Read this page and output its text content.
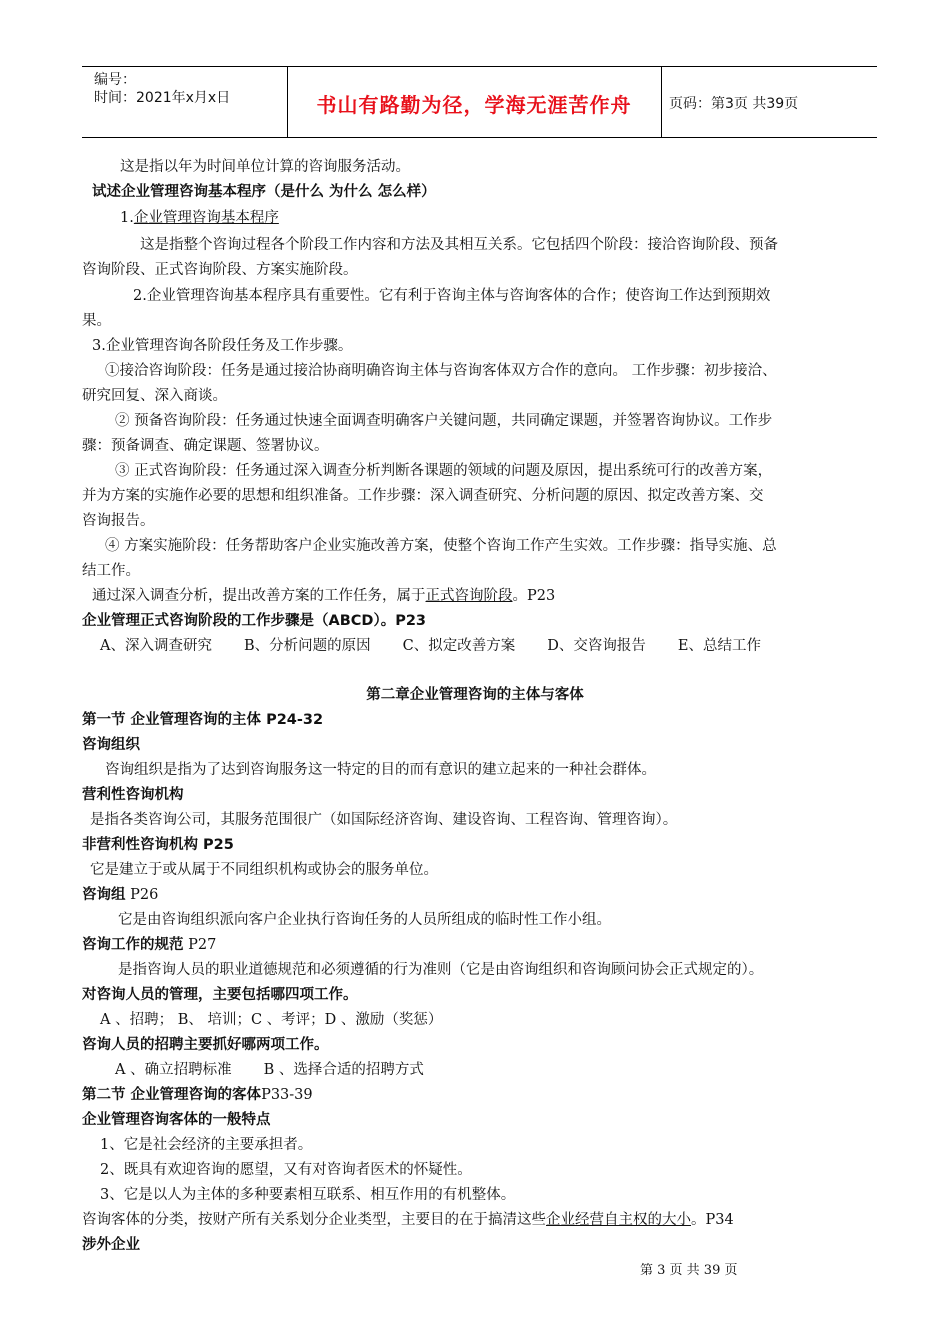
编号：
时间：2021年x月x日	书山有路勤为径，学海无涯苦作舟	页码：第3页 共39页
这是指以年为时间单位计算的咨询服务活动。
试述企业管理咨询基本程序（是什么 为什么 怎么样）
1.企业管理咨询基本程序
这是指整个咨询过程各个阶段工作内容和方法及其相互关系。它包括四个阶段：接洽咨询阶段、预备
咨询阶段、正式咨询阶段、方案实施阶段。
2.企业管理咨询基本程序具有重要性。它有利于咨询主体与咨询客体的合作；使咨询工作达到预期效
果。
3.企业管理咨询各阶段任务及工作步骤。
①接洽咨询阶段：任务是通过接洽协商明确咨询主体与咨询客体双方合作的意向。 工作步骤：初步接洽、
研究回复、深入商谈。
② 预备咨询阶段：任务通过快速全面调查明确客户关键问题，共同确定课题，并签署咨询协议。工作步
骤：预备调查、确定课题、签署协议。
③ 正式咨询阶段：任务通过深入调查分析判断各课题的领域的问题及原因，提出系统可行的改善方案，
并为方案的实施作必要的思想和组织准备。工作步骤：深入调查研究、分析问题的原因、拟定改善方案、交
咨询报告。
④ 方案实施阶段：任务帮助客户企业实施改善方案，使整个咨询工作产生实效。工作步骤：指导实施、总
结工作。
通过深入调查分析，提出改善方案的工作任务，属于正式咨询阶段。P23
企业管理正式咨询阶段的工作步骤是（ABCD）。P23
A、深入调查研究 B、分析问题的原因 C、拟定改善方案 D、交咨询报告 E、总结工作
第二章企业管理咨询的主体与客体
第一节 企业管理咨询的主体 P24-32
咨询组织
咨询组织是指为了达到咨询服务这一特定的目的而有意识的建立起来的一种社会群体。
营利性咨询机构
是指各类咨询公司，其服务范围很广（如国际经济咨询、建设咨询、工程咨询、管理咨询）。
非营利性咨询机构 P25
它是建立于或从属于不同组织机构或协会的服务单位。
咨询组 P26
它是由咨询组织派向客户企业执行咨询任务的人员所组成的临时性工作小组。
咨询工作的规范 P27
是指咨询人员的职业道德规范和必须遵循的行为准则（它是由咨询组织和咨询顾问协会正式规定的）。
对咨询人员的管理，主要包括哪四项工作。
A 、招聘； B、 培训；C 、考评；D 、激励（奖惩）
咨询人员的招聘主要抓好哪两项工作。
A 、确立招聘标准 B 、选择合适的招聘方式
第二节 企业管理咨询的客体P33-39
企业管理咨询客体的一般特点
1、它是社会经济的主要承担者。
2、既具有欢迎咨询的愿望，又有对咨询者医术的怀疑性。
3、它是以人为主体的多种要素相互联系、相互作用的有机整体。
咨询客体的分类，按财产所有关系划分企业类型，主要目的在于搞清这些企业经营自主权的大小。P34
涉外企业
第 3 页 共 39 页
